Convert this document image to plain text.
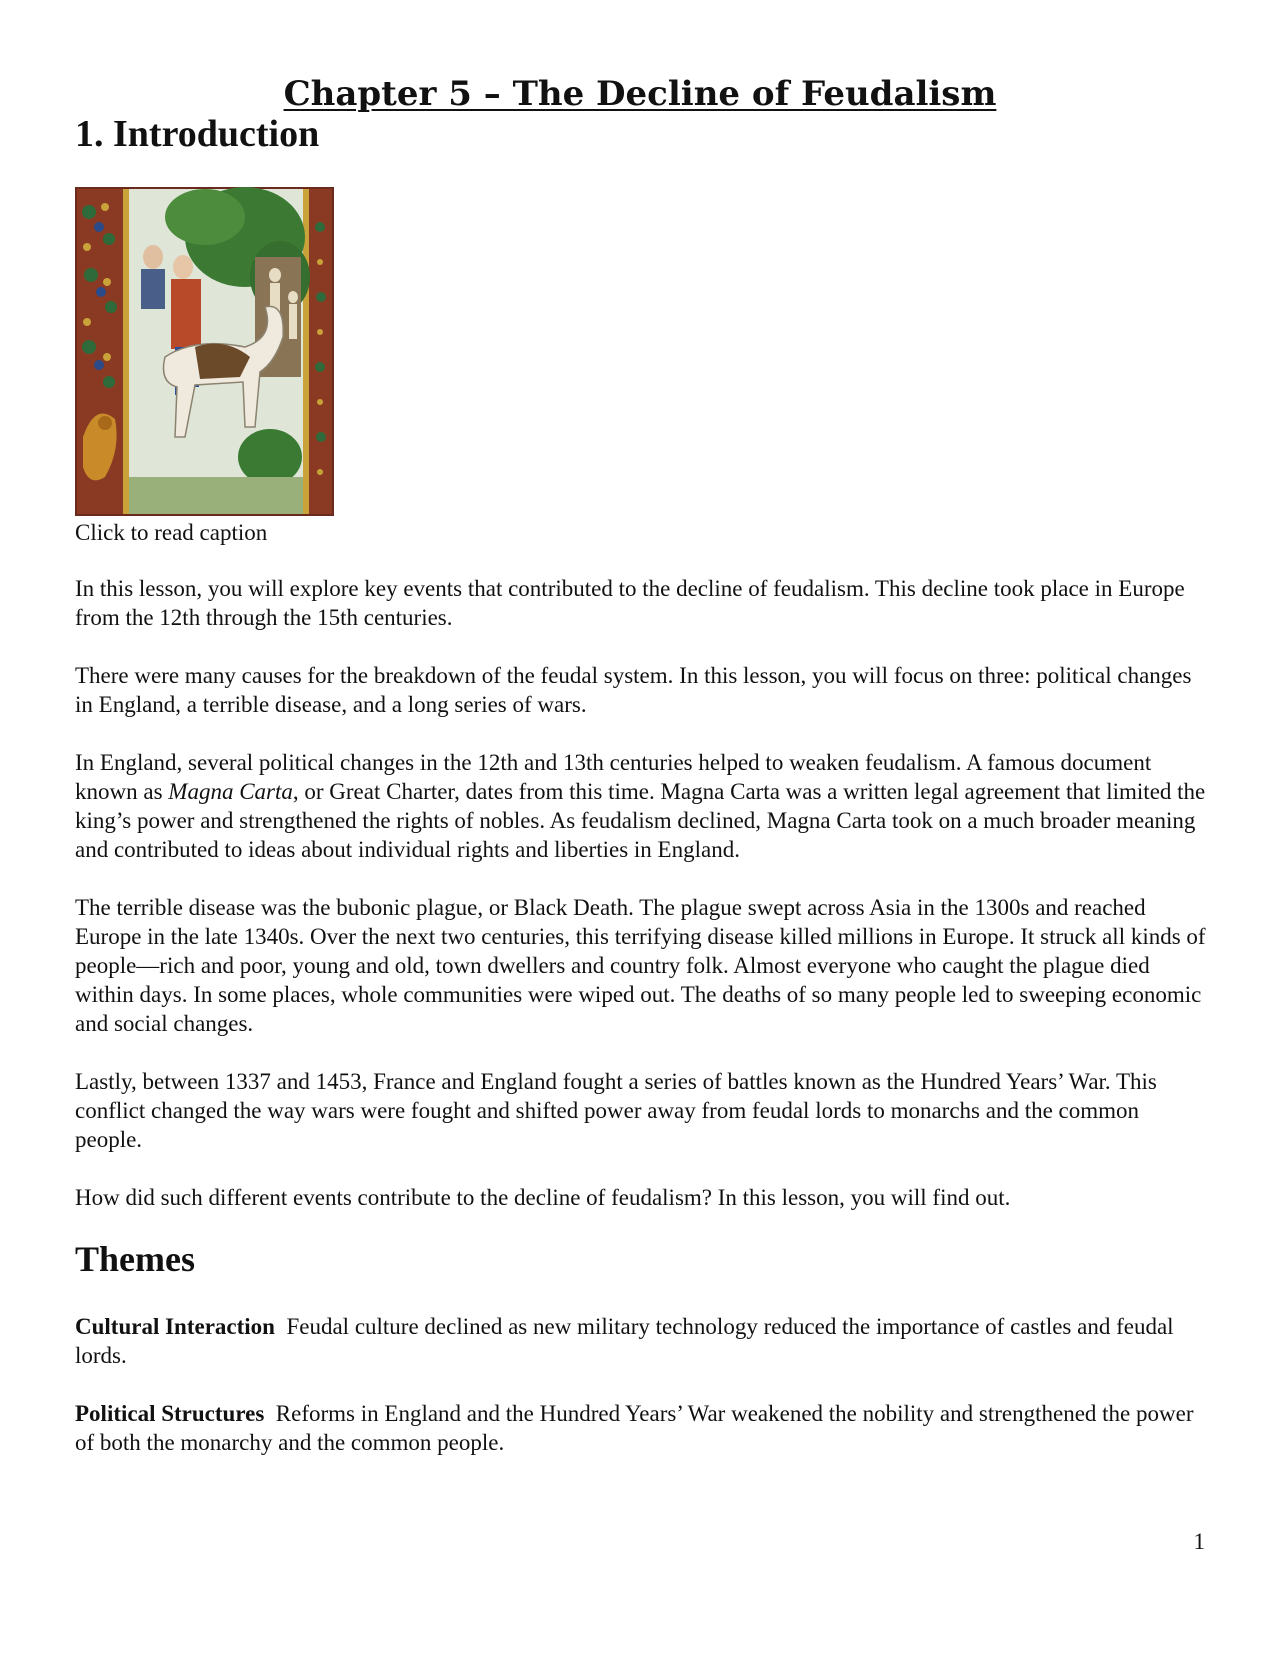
Chapter 5 – The Decline of Feudalism
1. Introduction

Click to read caption

In this lesson, you will explore key events that contributed to the decline of feudalism. This decline took place in Europe from the 12th through the 15th centuries.

There were many causes for the breakdown of the feudal system. In this lesson, you will focus on three: political changes in England, a terrible disease, and a long series of wars.

In England, several political changes in the 12th and 13th centuries helped to weaken feudalism. A famous document known as Magna Carta, or Great Charter, dates from this time. Magna Carta was a written legal agreement that limited the king’s power and strengthened the rights of nobles. As feudalism declined, Magna Carta took on a much broader meaning and contributed to ideas about individual rights and liberties in England.

The terrible disease was the bubonic plague, or Black Death. The plague swept across Asia in the 1300s and reached Europe in the late 1340s. Over the next two centuries, this terrifying disease killed millions in Europe. It struck all kinds of people—rich and poor, young and old, town dwellers and country folk. Almost everyone who caught the plague died within days. In some places, whole communities were wiped out. The deaths of so many people led to sweeping economic and social changes.

Lastly, between 1337 and 1453, France and England fought a series of battles known as the Hundred Years’ War. This conflict changed the way wars were fought and shifted power away from feudal lords to monarchs and the common people.

How did such different events contribute to the decline of feudalism? In this lesson, you will find out.

Themes

Cultural Interaction Feudal culture declined as new military technology reduced the importance of castles and feudal lords.

Political Structures Reforms in England and the Hundred Years’ War weakened the nobility and strengthened the power of both the monarchy and the common people.

1
